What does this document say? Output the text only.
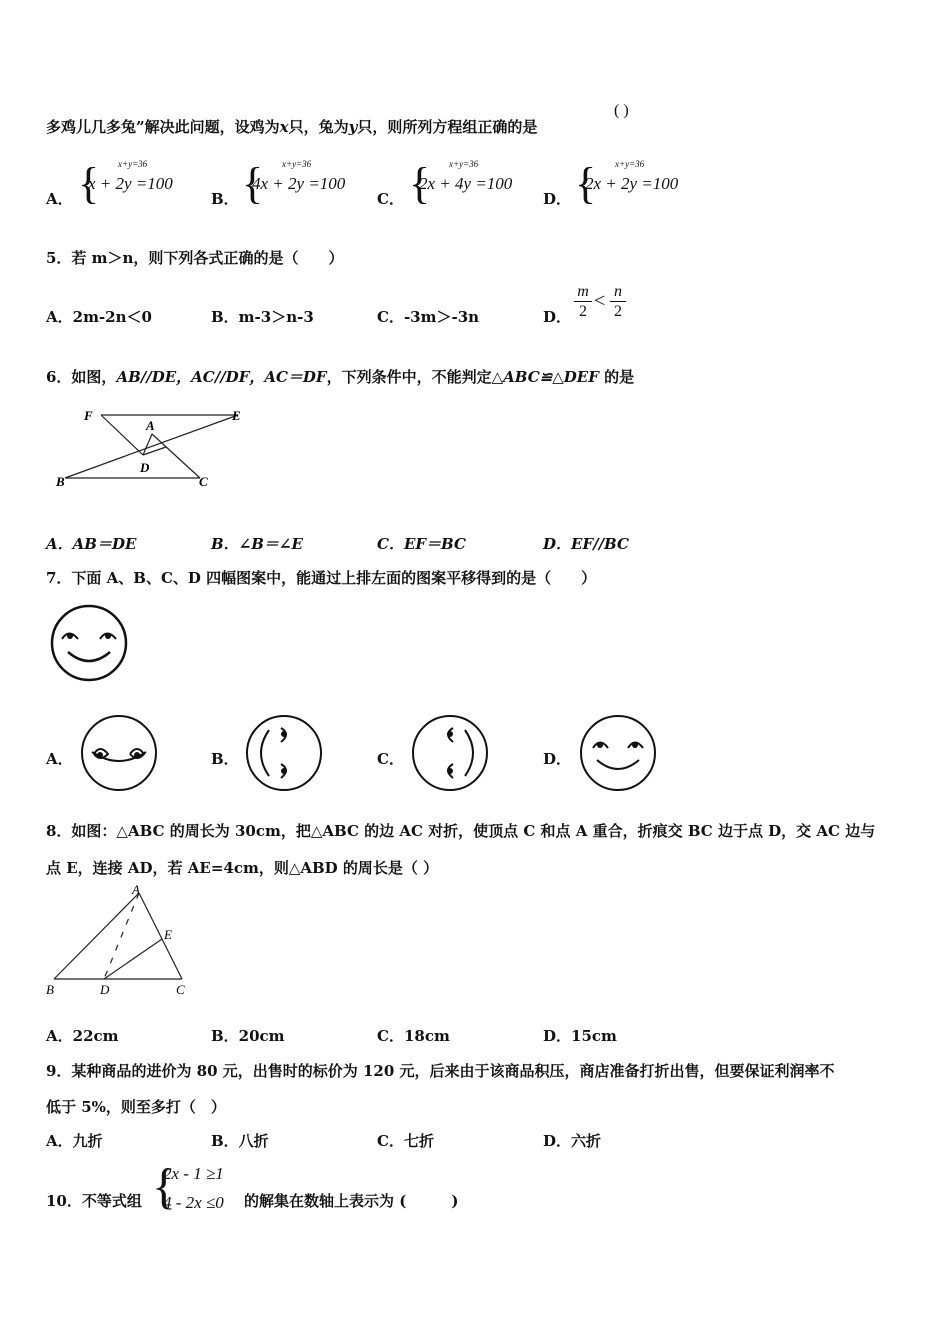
多鸡儿几多兔”解决此问题，设鸡为x只，兔为y只，则所列方程组正确的是
( )
A． { x+y=36
x + 2y =100
B． { x+y=36
4x + 2y =100
C． { x+y=36
2x + 4y =100
D． { x+y=36
2x + 2y =100
5．若 m＞n，则下列各式正确的是（　　）
A．2m-2n＜0	B．m-3＞n-3	C．-3m＞-3n	D． $\frac{m}{2} < \frac{n}{2}$
6．如图，AB//DE，AC//DF，AC＝DF，下列条件中，不能判定△ABC≌△DEF 的是
F
A
E
D
B	C
A．AB＝DE	B．∠B＝∠E	C．EF＝BC	D．EF//BC
7．下面 A、B、C、D 四幅图案中，能通过上排左面的图案平移得到的是（　　）
A．	B．	C．	D．
8．如图：△ABC 的周长为 30cm，把△ABC 的边 AC 对折，使顶点 C 和点 A 重合，折痕交 BC 边于点 D，交 AC 边与
点 E，连接 AD，若 AE=4cm，则△ABD 的周长是（ ）
A
E
B	D	C
A．22cm	B．20cm	C．18cm	D．15cm
9．某种商品的进价为 80 元，出售时的标价为 120 元，后来由于该商品积压，商店准备打折出售，但要保证利润率不
低于 5%，则至多打（　）
A．九折	B．八折	C．七折	D．六折
10．不等式组 {
2x - 1 ≥1
4 - 2x ≤0 的解集在数轴上表示为 (　　　)
